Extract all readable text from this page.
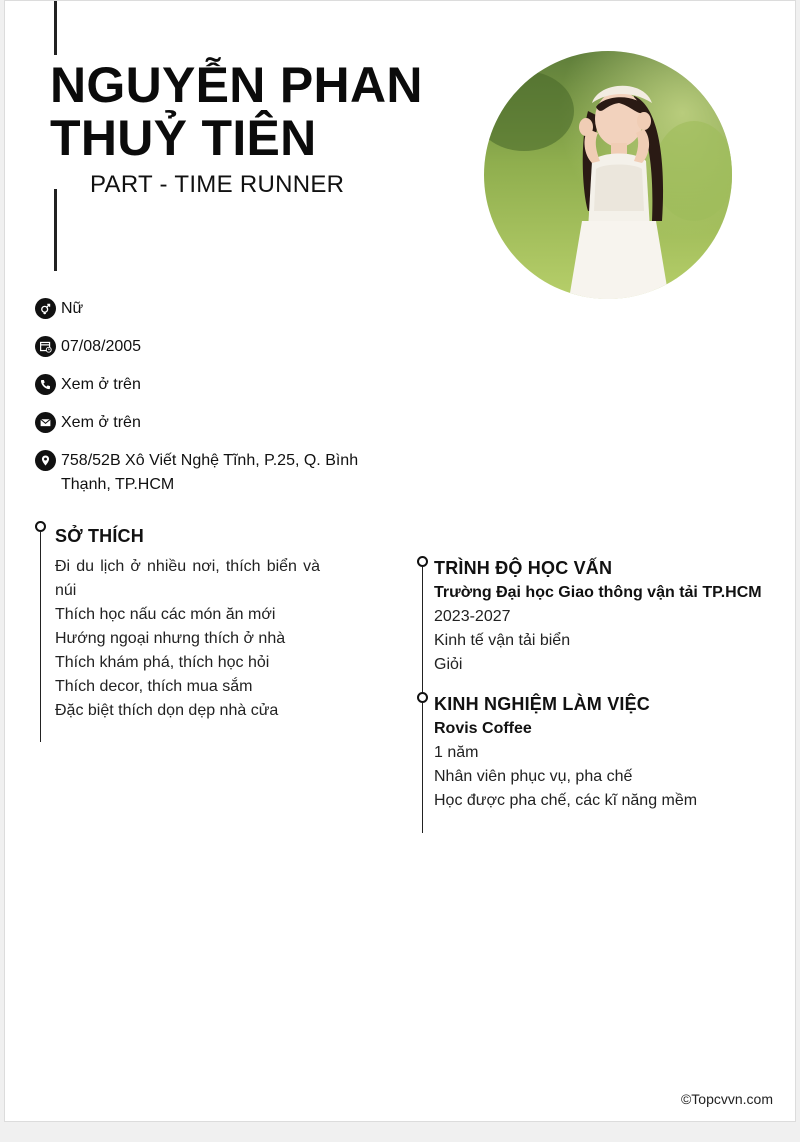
NGUYỄN PHAN
THUỶ TIÊN
PART - TIME RUNNER
Nữ
07/08/2005
Xem ở trên
Xem ở trên
758/52B Xô Viết Nghệ Tĩnh, P.25, Q. Bình Thạnh, TP.HCM
SỞ THÍCH
Đi du lịch ở nhiều nơi, thích biển và núi
Thích học nấu các món ăn mới
Hướng ngoại nhưng thích ở nhà
Thích khám phá, thích học hỏi
Thích decor, thích mua sắm
Đặc biệt thích dọn dẹp nhà cửa
TRÌNH ĐỘ HỌC VẤN
Trường Đại học Giao thông vận tải TP.HCM
2023-2027
Kinh tế vận tải biển
Giỏi
KINH NGHIỆM LÀM VIỆC
Rovis Coffee
1 năm
Nhân viên phục vụ, pha chế
Học được pha chế, các kĩ năng mềm
©Topcvvn.com
